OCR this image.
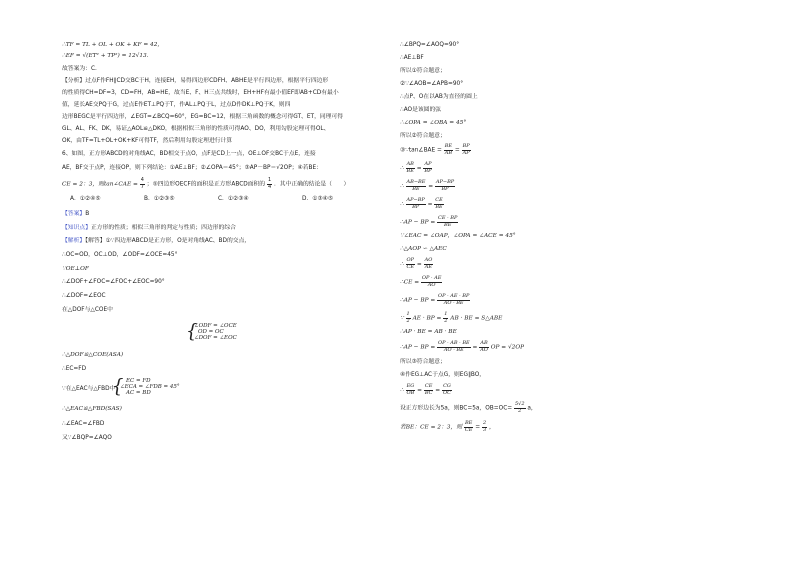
∴TF = TL + OL + OK + KF = 42，
∴EF = √(ET² + TP²) = 12√13.
故答案为：C.
【分析】过点F作FH∥CD交BC于H，连接EH，易得四边形CDFH、ABHE是平行四边形，根据平行四边形
的性质得CH=DF=3，CD=FH，AB=HE，故当E、F、H三点共线时，EH+HF有最小值EF即AB+CD有最小
值，延长AE交PQ于G，过点E作ET⊥PQ于T，作AL⊥PQ于L，过点D作DK⊥PQ于K，则四
边形BEGC是平行四边形，∠EGT=∠BCQ=60°，EG=BC=12，根据三角函数的概念可得GT、ET，同理可得
GL、AL、FK、DK，易证△AOL≌△DKO，根据相似三角形的性质可得AO、DO，利用勾股定理可得OL、
OK，由TF=TL+OL+OK+KF可得TF，然后利用勾股定理进行计算
6、如图，正方形ABCD的对角线AC，BD相交于点O，点F是CD上一点，OE⊥OF交BC于点E，连接
AE，BF交于点P，连接OP，则下列结论：①AE⊥BF；②∠OPA＝45°；③AP－BP＝√2OP；④若BE：
CE = 2：3，则tan∠CAE = $\frac{4}{7}$ ；⑤四边形OECF的面积是正方形ABCD面积的 $\frac{1}{4}$ ．其中正确的结论是（　　）
A．①②④⑤	B．①②③⑤	C．①②③④	D．①③④⑤
【答案】B
【知识点】正方形的性质；相似三角形的判定与性质；四边形的综合
【解析】【解答】①∵四边形ABCD是正方形，O是对角线AC、BD的交点，
∴OC=OD，OC⊥OD，∠ODF=∠OCE=45°
∵OE⊥OF
∴∠DOF+∠FOC=∠FOC+∠EOC=90°
∴∠DOF=∠EOC
在△DOF与△COE中
{
∠ODF = ∠OCE
OD = OC
∠DOF = ∠EOC
∴△DOF≌△COE(ASA)
∴EC=FD
∵在△EAC与△FBD中
{ EC = FD
∠ECA = ∠FDB = 45°
AC = BD
∴△EAC≌△FBD(SAS)
∴∠EAC=∠FBD
又∵∠BQP=∠AQO
∴∠BPQ=∠AOQ=90°
∴AE⊥BF
所以①符合题意；
②∵∠AOB=∠APB=90°
∴点P、O在以AB为直径的圆上
∴AO是该圆的弦
∴∠OPA = ∠OBA = 45°
所以②符合题意；
③∵tan∠BAE = $\frac{BE}{AB} = \frac{BP}{AP}$
∴ $\frac{AB}{BE} = \frac{AP}{BP}$
∴ $\frac{AB-BE}{BE} = \frac{AP-BP}{BP}$
∴ $\frac{AP-BP}{BP} = \frac{CE}{BE}$
∴AP − BP = $\frac{CE \cdot BP}{BE}$
∵∠EAC = ∠OAP，∠OPA = ∠ACE = 45°
∴△AOP ∽ △AEC
∴ $\frac{OP}{CE} = \frac{AO}{AE}$
∴CE = $\frac{OP \cdot AE}{AO}$
∴AP − BP = $\frac{OP \cdot AE \cdot BP}{AO \cdot BE}$
∵ $\frac{1}{2}$ AE · BP = $\frac{1}{2}$ AB · BE = S△ABE
∴AP · BE = AB · BE
∴AP − BP = $\frac{OP \cdot AB \cdot BE}{AO \cdot BE} = \frac{AB}{AO}$ OP = √2OP
所以③符合题意；
④作EG⊥AC于点G，则EG∥BO，
∴ $\frac{EG}{OB} = \frac{CE}{BC} = \frac{CG}{OC}$
设正方形边长为5a，则BC=5a，$OB=OC= \frac{5√2}{2}$ a，
若BE：CE = 2：3，则 $\frac{BE}{CE} = \frac{2}{3}$ ，
